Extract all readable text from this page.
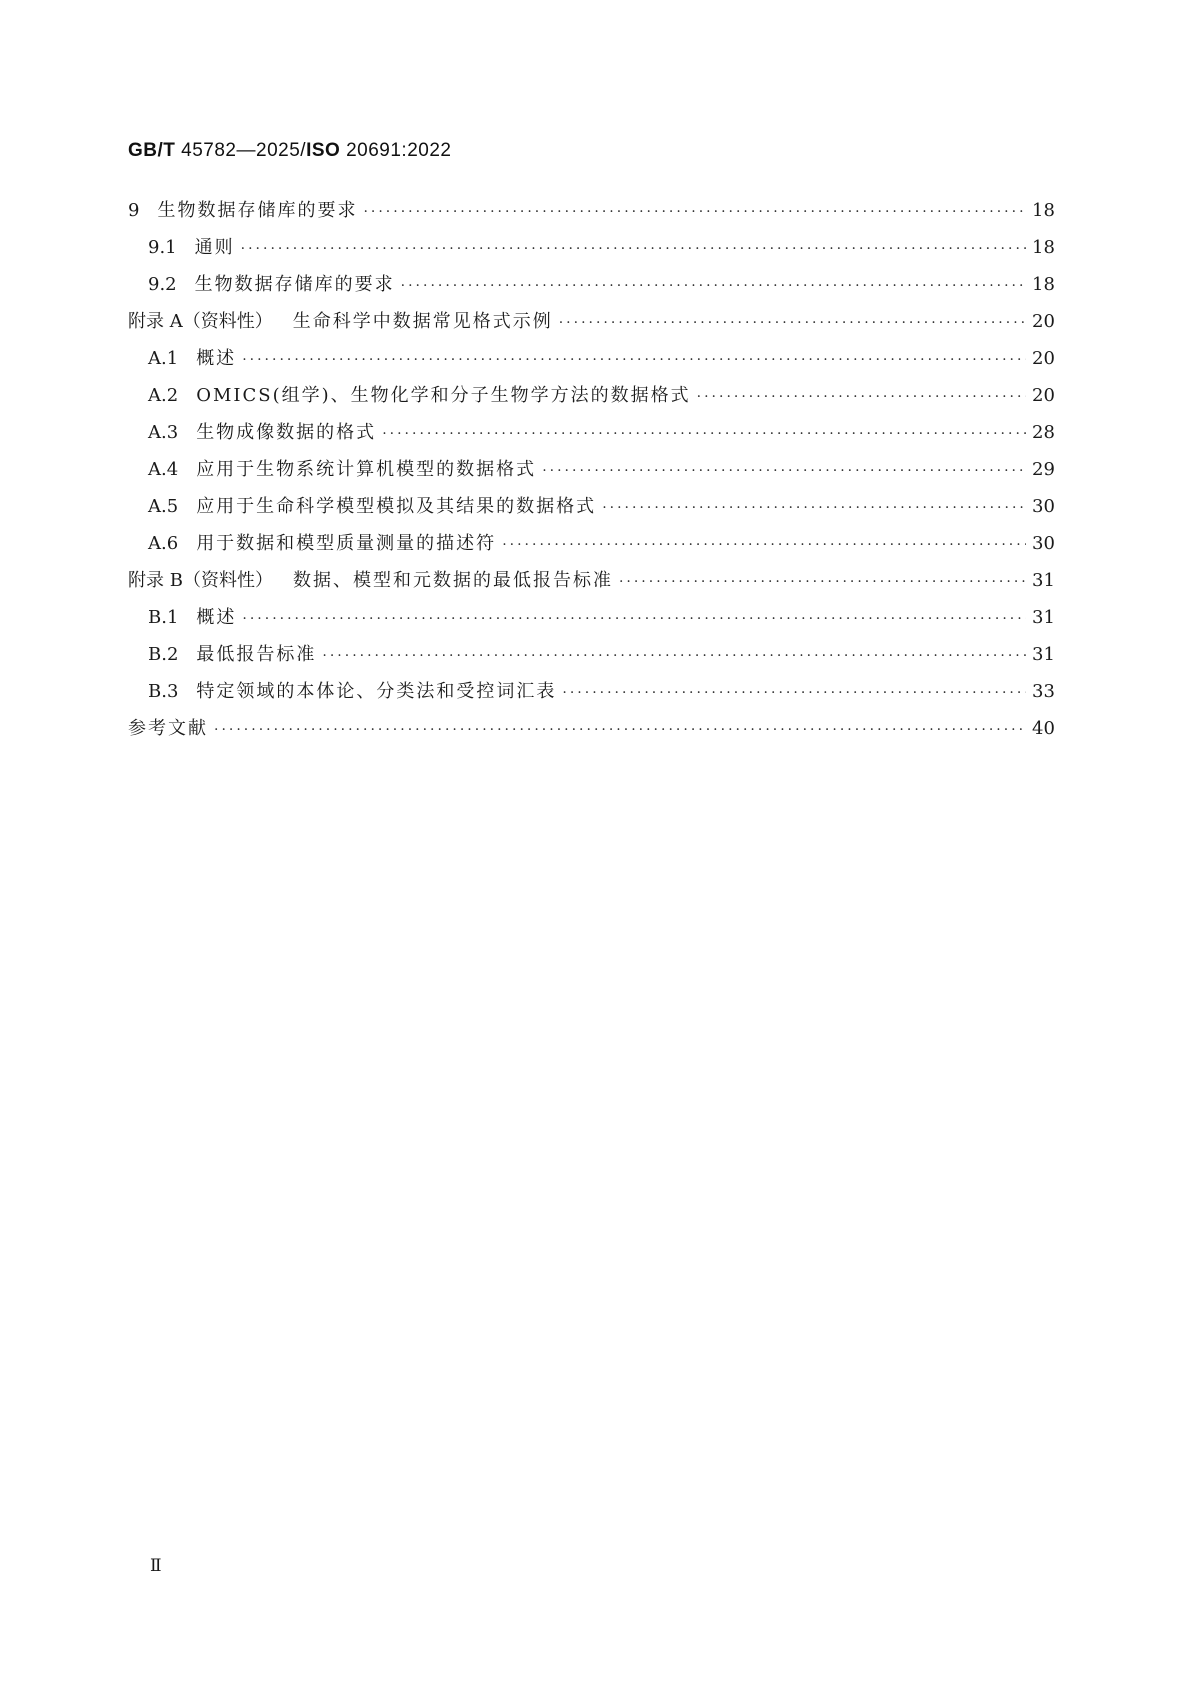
GB/T 45782—2025/ISO 20691:2022
9 生物数据存储库的要求 ·····	18
9.1 通则 ·····	18
9.2 生物数据存储库的要求 ·····	18
附录 A（资料性） 生命科学中数据常见格式示例 ·····	20
A.1 概述 ·····	20
A.2 OMICS(组学)、生物化学和分子生物学方法的数据格式 ·····	20
A.3 生物成像数据的格式 ·····	28
A.4 应用于生物系统计算机模型的数据格式 ·····	29
A.5 应用于生命科学模型模拟及其结果的数据格式 ·····	30
A.6 用于数据和模型质量测量的描述符 ·····	30
附录 B（资料性） 数据、模型和元数据的最低报告标准 ·····	31
B.1 概述 ·····	31
B.2 最低报告标准 ·····	31
B.3 特定领域的本体论、分类法和受控词汇表 ·····	33
参考文献 ·····	40
Ⅱ
